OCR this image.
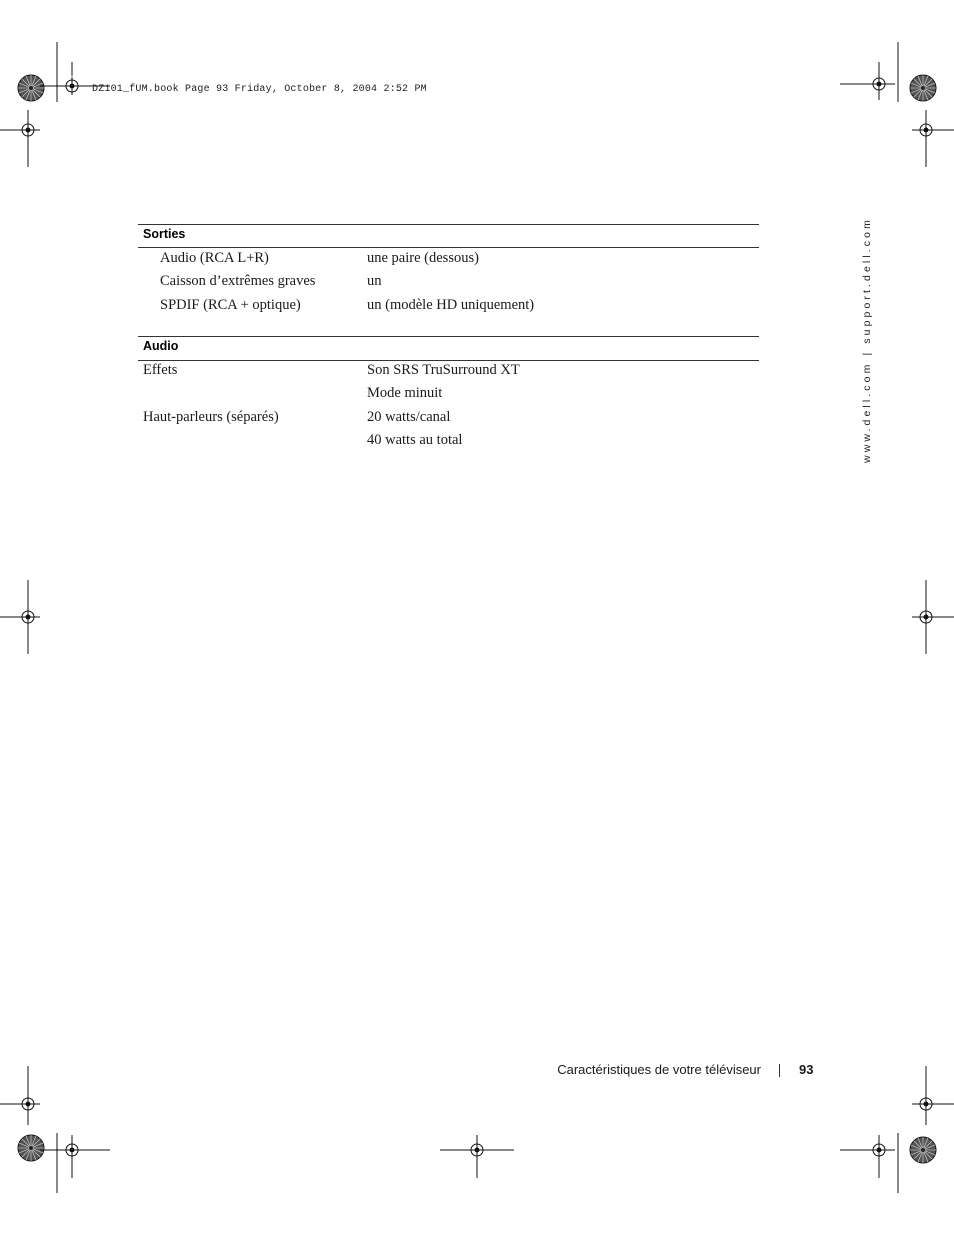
DZ101_fUM.book Page 93 Friday, October 8, 2004 2:52 PM
www.dell.com | support.dell.com
Sorties
Audio (RCA L+R)	une paire (dessous)
Caisson d’extrêmes graves	un
SPDIF (RCA + optique)	un (modèle HD uniquement)
Audio
Effets	Son SRS TruSurround XT
Mode minuit
Haut-parleurs (séparés)	20 watts/canal
40 watts au total
Caractéristiques de votre téléviseur	93
